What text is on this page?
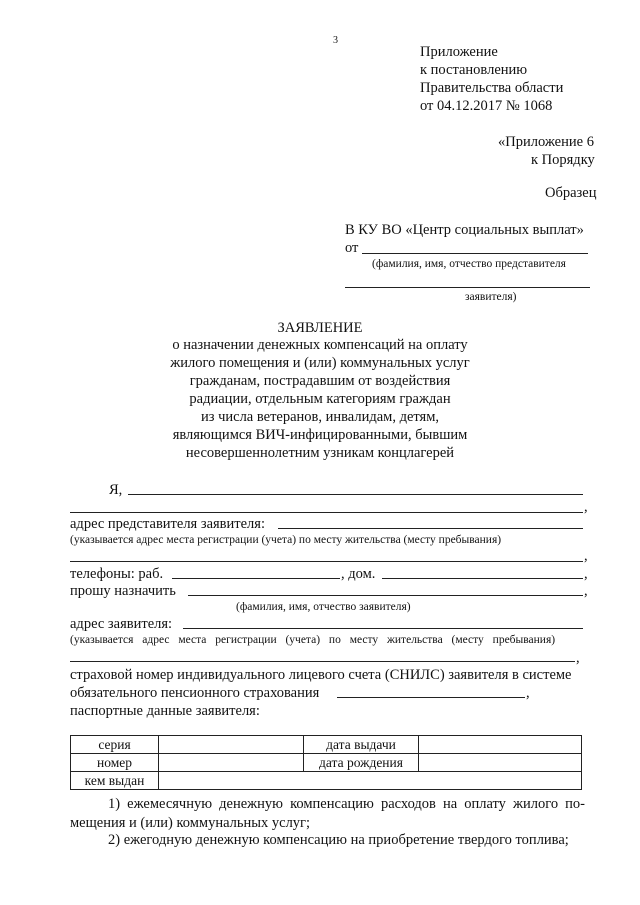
3
Приложение
к постановлению
Правительства области
от 04.12.2017 № 1068
«Приложение 6
к Порядку
Образец
В КУ ВО «Центр социальных выплат»
от
(фамилия, имя, отчество представителя
заявителя)
ЗАЯВЛЕНИЕ
о назначении денежных компенсаций на оплату
жилого помещения и (или) коммунальных услуг
гражданам, пострадавшим от воздействия
радиации, отдельным категориям граждан
из числа ветеранов, инвалидам, детям,
являющимся ВИЧ-инфицированными, бывшим
несовершеннолетним узникам концлагерей
Я,
,
адрес представителя заявителя:
(указывается адрес места регистрации (учета) по месту жительства (месту пребывания)
,
телефоны: раб.	, дом.	,
прошу назначить	,
(фамилия, имя, отчество заявителя)
адрес заявителя:
(указывается адрес места регистрации (учета) по месту жительства (месту пребывания)
,
страховой номер индивидуального лицевого счета (СНИЛС) заявителя в системе
обязательного пенсионного страхования	,
паспортные данные заявителя:
серия		дата выдачи	
номер		дата рождения	
кем выдан			
1) ежемесячную денежную компенсацию расходов на оплату жилого по-мещения и (или) коммунальных услуг;
2) ежегодную денежную компенсацию на приобретение твердого топлива;
